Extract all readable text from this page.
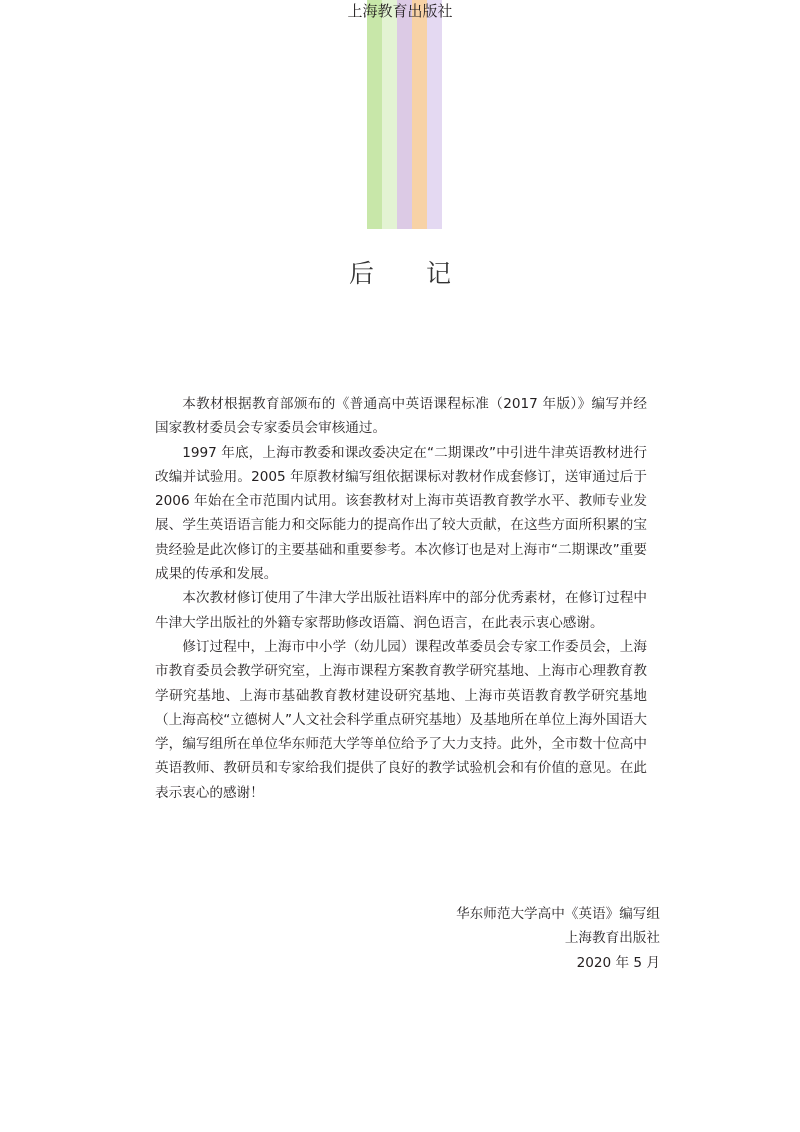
上海教育出版社
后 记

本教材根据教育部颁布的《普通高中英语课程标准（2017 年版）》编写并经国家教材委员会专家委员会审核通过。

1997 年底，上海市教委和课改委决定在“二期课改”中引进牛津英语教材进行改编并试验用。2005 年原教材编写组依据课标对教材作成套修订，送审通过后于 2006 年始在全市范围内试用。该套教材对上海市英语教育教学水平、教师专业发展、学生英语语言能力和交际能力的提高作出了较大贡献，在这些方面所积累的宝贵经验是此次修订的主要基础和重要参考。本次修订也是对上海市“二期课改”重要成果的传承和发展。

本次教材修订使用了牛津大学出版社语料库中的部分优秀素材，在修订过程中牛津大学出版社的外籍专家帮助修改语篇、润色语言，在此表示衷心感谢。

修订过程中，上海市中小学（幼儿园）课程改革委员会专家工作委员会，上海市教育委员会教学研究室，上海市课程方案教育教学研究基地、上海市心理教育教学研究基地、上海市基础教育教材建设研究基地、上海市英语教育教学研究基地（上海高校“立德树人”人文社会科学重点研究基地）及基地所在单位上海外国语大学，编写组所在单位华东师范大学等单位给予了大力支持。此外，全市数十位高中英语教师、教研员和专家给我们提供了良好的教学试验机会和有价值的意见。在此表示衷心的感谢！

华东师范大学高中《英语》编写组
上海教育出版社
2020 年 5 月
